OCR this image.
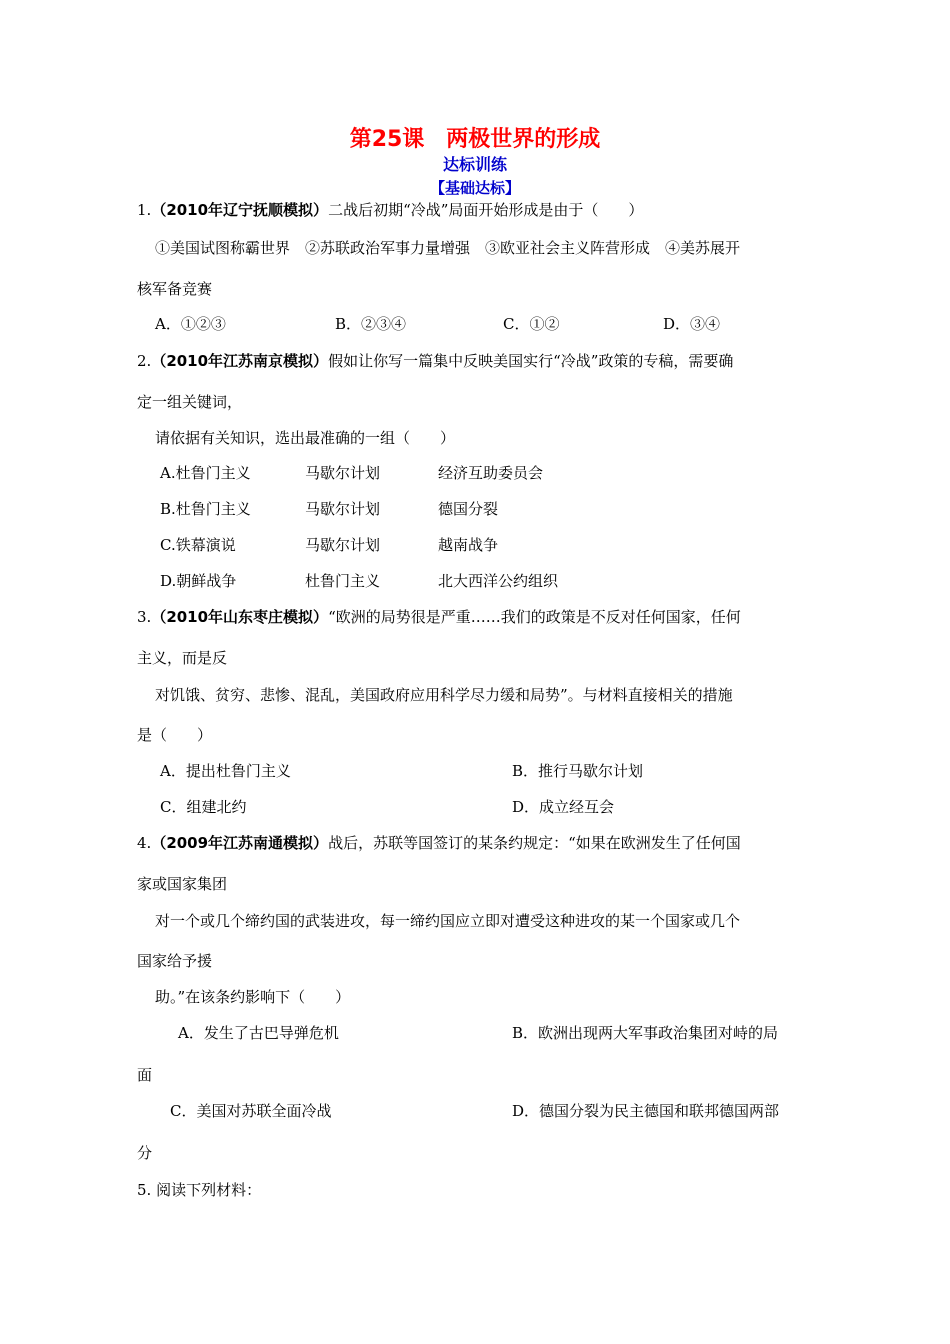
第25课　两极世界的形成
达标训练
【基础达标】
1.（2010年辽宁抚顺模拟）二战后初期“冷战”局面开始形成是由于（　　）
①美国试图称霸世界　②苏联政治军事力量增强　③欧亚社会主义阵营形成　④美苏展开
核军备竞赛
A．①②③	B．②③④	C．①②	D．③④
2.（2010年江苏南京模拟）假如让你写一篇集中反映美国实行“冷战”政策的专稿，需要确
定一组关键词，
请依据有关知识，选出最准确的一组（　　）
A.杜鲁门主义	马歇尔计划	经济互助委员会
B.杜鲁门主义	马歇尔计划	德国分裂
C.铁幕演说	马歇尔计划	越南战争
D.朝鲜战争	杜鲁门主义	北大西洋公约组织
3.（2010年山东枣庄模拟）“欧洲的局势很是严重……我们的政策是不反对任何国家，任何
主义，而是反
对饥饿、贫穷、悲惨、混乱，美国政府应用科学尽力缓和局势”。与材料直接相关的措施
是（　　）
A．提出杜鲁门主义	B．推行马歇尔计划
C．组建北约	D．成立经互会
4.（2009年江苏南通模拟）战后，苏联等国签订的某条约规定：“如果在欧洲发生了任何国
家或国家集团
对一个或几个缔约国的武装进攻，每一缔约国应立即对遭受这种进攻的某一个国家或几个
国家给予援
助。”在该条约影响下（　　）
A．发生了古巴导弹危机	B．欧洲出现两大军事政治集团对峙的局
面
C．美国对苏联全面冷战	D．德国分裂为民主德国和联邦德国两部
分
5. 阅读下列材料：
